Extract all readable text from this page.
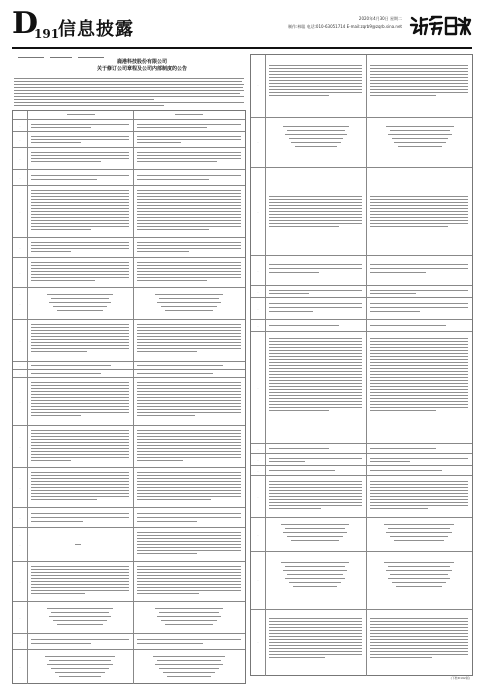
D
191
信息披露
2020年4月30日 星期二
制作:林聪 电话:010-63051714 E-mail:zqrb9@zqrb.sina.net
鹿港科技股份有限公司
关于修订公司章程及公司内部制度的公告
·
·
·
·
·
·
·
·
·
·
·
·
·
·
·
·
·
·
·
·
·
·
·
·
·
·
·
·
·
·
·
·
·
·
·
(下转D192版)
